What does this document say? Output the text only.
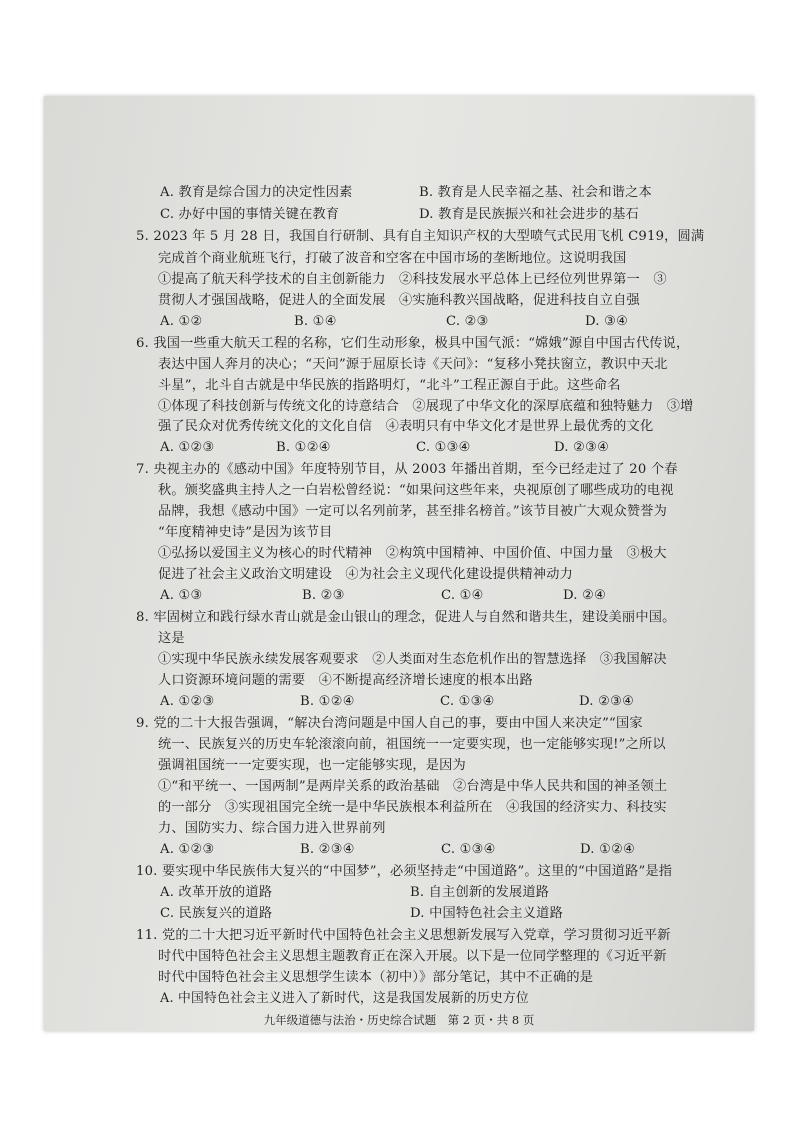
A. 教育是综合国力的决定性因素	B. 教育是人民幸福之基、社会和谐之本
C. 办好中国的事情关键在教育	D. 教育是民族振兴和社会进步的基石
5. 2023 年 5 月 28 日，我国自行研制、具有自主知识产权的大型喷气式民用飞机 C919，圆满
完成首个商业航班飞行，打破了波音和空客在中国市场的垄断地位。这说明我国
①提高了航天科学技术的自主创新能力　②科技发展水平总体上已经位列世界第一　③
贯彻人才强国战略，促进人的全面发展　④实施科教兴国战略，促进科技自立自强
A. ①②	B. ①④	C. ②③	D. ③④
6. 我国一些重大航天工程的名称，它们生动形象，极具中国气派：“嫦娥”源自中国古代传说，
表达中国人奔月的决心；“天问”源于屈原长诗《天问》：“复移小凳扶窗立，教识中天北
斗星”，北斗自古就是中华民族的指路明灯，“北斗”工程正源自于此。这些命名
①体现了科技创新与传统文化的诗意结合　②展现了中华文化的深厚底蕴和独特魅力　③增
强了民众对优秀传统文化的文化自信　④表明只有中华文化才是世界上最优秀的文化
A. ①②③	B. ①②④	C. ①③④	D. ②③④
7. 央视主办的《感动中国》年度特别节目，从 2003 年播出首期，至今已经走过了 20 个春
秋。颁奖盛典主持人之一白岩松曾经说：“如果问这些年来，央视原创了哪些成功的电视
品牌，我想《感动中国》一定可以名列前茅，甚至排名榜首。”该节目被广大观众赞誉为
“年度精神史诗”是因为该节目
①弘扬以爱国主义为核心的时代精神　②构筑中国精神、中国价值、中国力量　③极大
促进了社会主义政治文明建设　④为社会主义现代化建设提供精神动力
A. ①③	B. ②③	C. ①④	D. ②④
8. 牢固树立和践行绿水青山就是金山银山的理念，促进人与自然和谐共生，建设美丽中国。
这是
①实现中华民族永续发展客观要求　②人类面对生态危机作出的智慧选择　③我国解决
人口资源环境问题的需要　④不断提高经济增长速度的根本出路
A. ①②③	B. ①②④	C. ①③④	D. ②③④
9. 党的二十大报告强调，“解决台湾问题是中国人自己的事，要由中国人来决定”“国家
统一、民族复兴的历史车轮滚滚向前，祖国统一一定要实现，也一定能够实现!”之所以
强调祖国统一一定要实现，也一定能够实现，是因为
①“和平统一、一国两制”是两岸关系的政治基础　②台湾是中华人民共和国的神圣领土
的一部分　③实现祖国完全统一是中华民族根本利益所在　④我国的经济实力、科技实
力、国防实力、综合国力进入世界前列
A. ①②③	B. ②③④	C. ①③④	D. ①②④
10. 要实现中华民族伟大复兴的“中国梦”，必须坚持走“中国道路”。这里的“中国道路”是指
A. 改革开放的道路	B. 自主创新的发展道路
C. 民族复兴的道路	D. 中国特色社会主义道路
11. 党的二十大把习近平新时代中国特色社会主义思想新发展写入党章，学习贯彻习近平新
时代中国特色社会主义思想主题教育正在深入开展。以下是一位同学整理的《习近平新
时代中国特色社会主义思想学生读本（初中）》部分笔记，其中不正确的是
A. 中国特色社会主义进入了新时代，这是我国发展新的历史方位
九年级道德与法治・历史综合试题　第 2 页・共 8 页
